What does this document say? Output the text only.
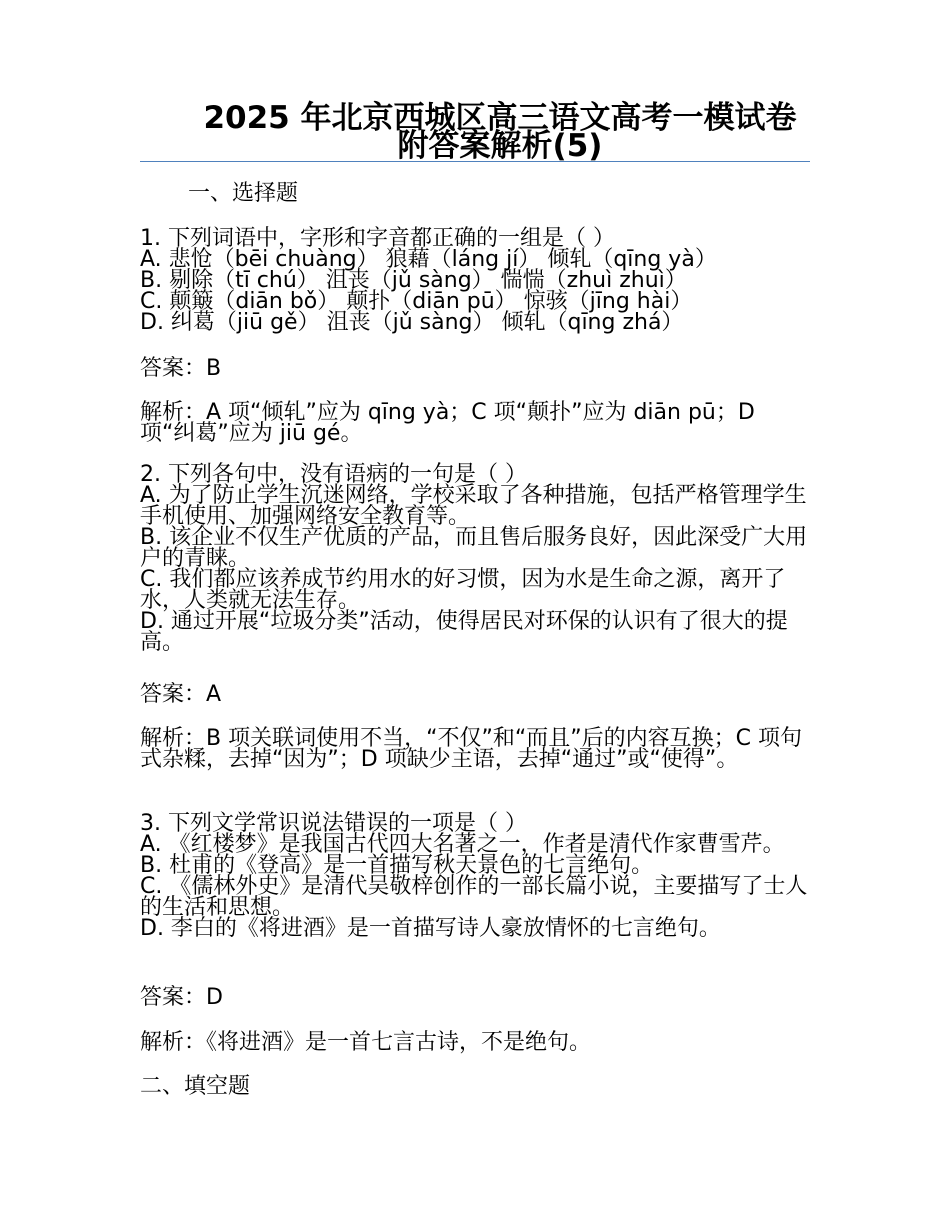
2025 年北京西城区高三语文高考一模试卷附答案解析(5)
一、选择题
1. 下列词语中，字形和字音都正确的一组是（ ）
A. 悲怆（bēi chuàng） 狼藉（láng jí） 倾轧（qīng yà）
B. 剔除（tī chú） 沮丧（jǔ sàng） 惴惴（zhuì zhuì）
C. 颠簸（diān bǒ） 颠扑（diān pū） 惊骇（jīng hài）
D. 纠葛（jiū gě） 沮丧（jǔ sàng） 倾轧（qīng zhá）
答案：B
解析：A 项“倾轧”应为 qīng yà；C 项“颠扑”应为 diān pū；D 项“纠葛”应为 jiū gé。
2. 下列各句中，没有语病的一句是（ ）
A. 为了防止学生沉迷网络，学校采取了各种措施，包括严格管理学生手机使用、加强网络安全教育等。
B. 该企业不仅生产优质的产品，而且售后服务良好，因此深受广大用户的青睐。
C. 我们都应该养成节约用水的好习惯，因为水是生命之源，离开了水，人类就无法生存。
D. 通过开展“垃圾分类”活动，使得居民对环保的认识有了很大的提高。
答案：A
解析：B 项关联词使用不当，“不仅”和“而且”后的内容互换；C 项句式杂糅，去掉“因为”；D 项缺少主语，去掉“通过”或“使得”。
3. 下列文学常识说法错误的一项是（ ）
A. 《红楼梦》是我国古代四大名著之一，作者是清代作家曹雪芹。
B. 杜甫的《登高》是一首描写秋天景色的七言绝句。
C. 《儒林外史》是清代吴敬梓创作的一部长篇小说，主要描写了士人的生活和思想。
D. 李白的《将进酒》是一首描写诗人豪放情怀的七言绝句。
答案：D
解析：《将进酒》是一首七言古诗，不是绝句。
二、填空题
